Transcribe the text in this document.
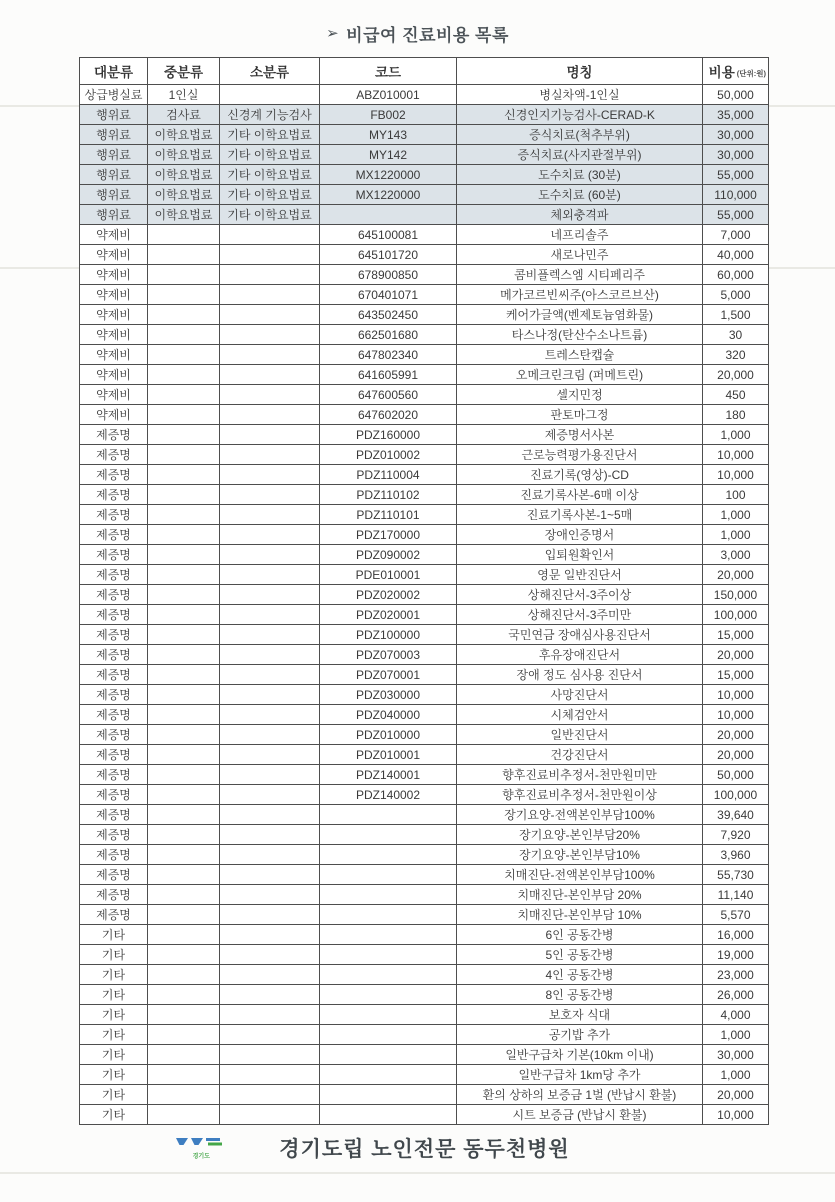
➢ 비급여 진료비용 목록
대분류	중분류	소분류	코드	명칭	비용 (단위:원)

상급병실료	1인실		ABZ010001	병실차액-1인실	50,000
행위료	검사료	신경계 기능검사	FB002	신경인지기능검사-CERAD-K	35,000
행위료	이학요법료	기타 이학요법료	MY143	증식치료(척추부위)	30,000
행위료	이학요법료	기타 이학요법료	MY142	증식치료(사지관절부위)	30,000
행위료	이학요법료	기타 이학요법료	MX1220000	도수치료 (30분)	55,000
행위료	이학요법료	기타 이학요법료	MX1220000	도수치료 (60분)	110,000
행위료	이학요법료	기타 이학요법료		체외충격파	55,000
약제비			645100081	네프리솔주	7,000
약제비			645101720	새로나민주	40,000
약제비			678900850	콤비플렉스엠 시티페리주	60,000
약제비			670401071	메가코르빈씨주(아스코르브산)	5,000
약제비			643502450	케어가글액(벤제토늄염화물)	1,500
약제비			662501680	타스나정(탄산수소나트륨)	30
약제비			647802340	트레스탄캡슐	320
약제비			641605991	오메크린크림 (퍼메트린)	20,000
약제비			647600560	셀지민정	450
약제비			647602020	판토마그정	180
제증명			PDZ160000	제증명서사본	1,000
제증명			PDZ010002	근로능력평가용진단서	10,000
제증명			PDZ110004	진료기록(영상)-CD	10,000
제증명			PDZ110102	진료기록사본-6매 이상	100
제증명			PDZ110101	진료기록사본-1~5매	1,000
제증명			PDZ170000	장애인증명서	1,000
제증명			PDZ090002	입퇴원확인서	3,000
제증명			PDE010001	영문 일반진단서	20,000
제증명			PDZ020002	상해진단서-3주이상	150,000
제증명			PDZ020001	상해진단서-3주미만	100,000
제증명			PDZ100000	국민연금 장애심사용진단서	15,000
제증명			PDZ070003	후유장애진단서	20,000
제증명			PDZ070001	장애 정도 심사용 진단서	15,000
제증명			PDZ030000	사망진단서	10,000
제증명			PDZ040000	시체검안서	10,000
제증명			PDZ010000	일반진단서	20,000
제증명			PDZ010001	건강진단서	20,000
제증명			PDZ140001	향후진료비추정서-천만원미만	50,000
제증명			PDZ140002	향후진료비추정서-천만원이상	100,000
제증명				장기요양-전액본인부담100%	39,640
제증명				장기요양-본인부담20%	7,920
제증명				장기요양-본인부담10%	3,960
제증명				치매진단-전액본인부담100%	55,730
제증명				치매진단-본인부담 20%	11,140
제증명				치매진단-본인부담 10%	5,570
기타				6인 공동간병	16,000
기타				5인 공동간병	19,000
기타				4인 공동간병	23,000
기타				8인 공동간병	26,000
기타				보호자 식대	4,000
기타				공기밥 추가	1,000
기타				일반구급차 기본(10km 이내)	30,000
기타				일반구급차 1km당 추가	1,000
기타				환의 상하의 보증금 1벌 (반납시 환불)	20,000
기타				시트 보증금 (반납시 환불)	10,000
경기도	경기도립 노인전문 동두천병원
